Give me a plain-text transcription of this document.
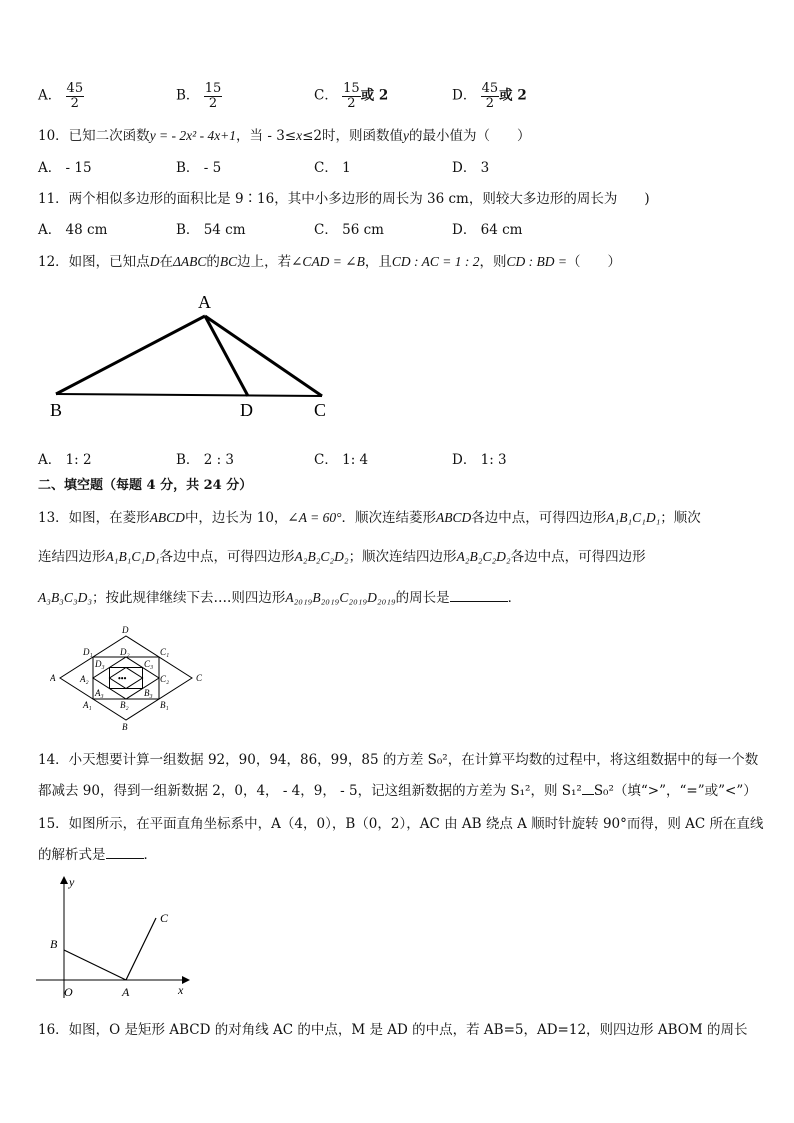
A． $\frac{45}{2}$	B． $\frac{15}{2}$	C． $\frac{15}{2}$ 或 2	D． $\frac{45}{2}$ 或 2
10．已知二次函数y = - 2x² - 4x+1，当 - 3≤x≤2时，则函数值y的最小值为（　　）
A． - 15	B． - 5	C． 1	D． 3
11．两个相似多边形的面积比是 9∶16，其中小多边形的周长为 36 cm，则较大多边形的周长为　　)
A． 48 cm	B． 54 cm	C． 56 cm	D． 64 cm
12．如图，已知点D在ΔABC的BC边上，若∠CAD = ∠B，且CD : AC = 1 : 2，则CD : BD =（　　）
A
B	D	C
A． 1: 2	B． 2 : 3	C． 1: 4	D． 1: 3
二、填空题（每题 4 分，共 24 分）
13．如图，在菱形ABCD中，边长为 10，∠A = 60°．顺次连结菱形ABCD各边中点，可得四边形A₁B₁C₁D₁；顺次
连结四边形A₁B₁C₁D₁各边中点，可得四边形A₂B₂C₂D₂；顺次连结四边形A₂B₂C₂D₂各边中点，可得四边形
A₃B₃C₃D₃；按此规律继续下去….则四边形A₂₀₁₉B₂₀₁₉C₂₀₁₉D₂₀₁₉的周长是	．
•••
D
B
A	C
D₁	C₁
A₁	B₁
D₂
B₂
A₂	C₂
D₃	C₃
A₃	B₃
14．小天想要计算一组数据 92，90，94，86，99，85 的方差 S₀²，在计算平均数的过程中，将这组数据中的每一个数
都减去 90，得到一组新数据 2，0，4， - 4，9， - 5，记这组新数据的方差为 S₁²，则 S₁² S₀²（填“>”，“=”或”<”）
15．如图所示，在平面直角坐标系中，A（4，0），B（0，2），AC 由 AB 绕点 A 顺时针旋转 90°而得，则 AC 所在直线
的解析式是	．
y
x
O	A
B
C
16．如图，O 是矩形 ABCD 的对角线 AC 的中点，M 是 AD 的中点，若 AB=5，AD=12，则四边形 ABOM 的周长
